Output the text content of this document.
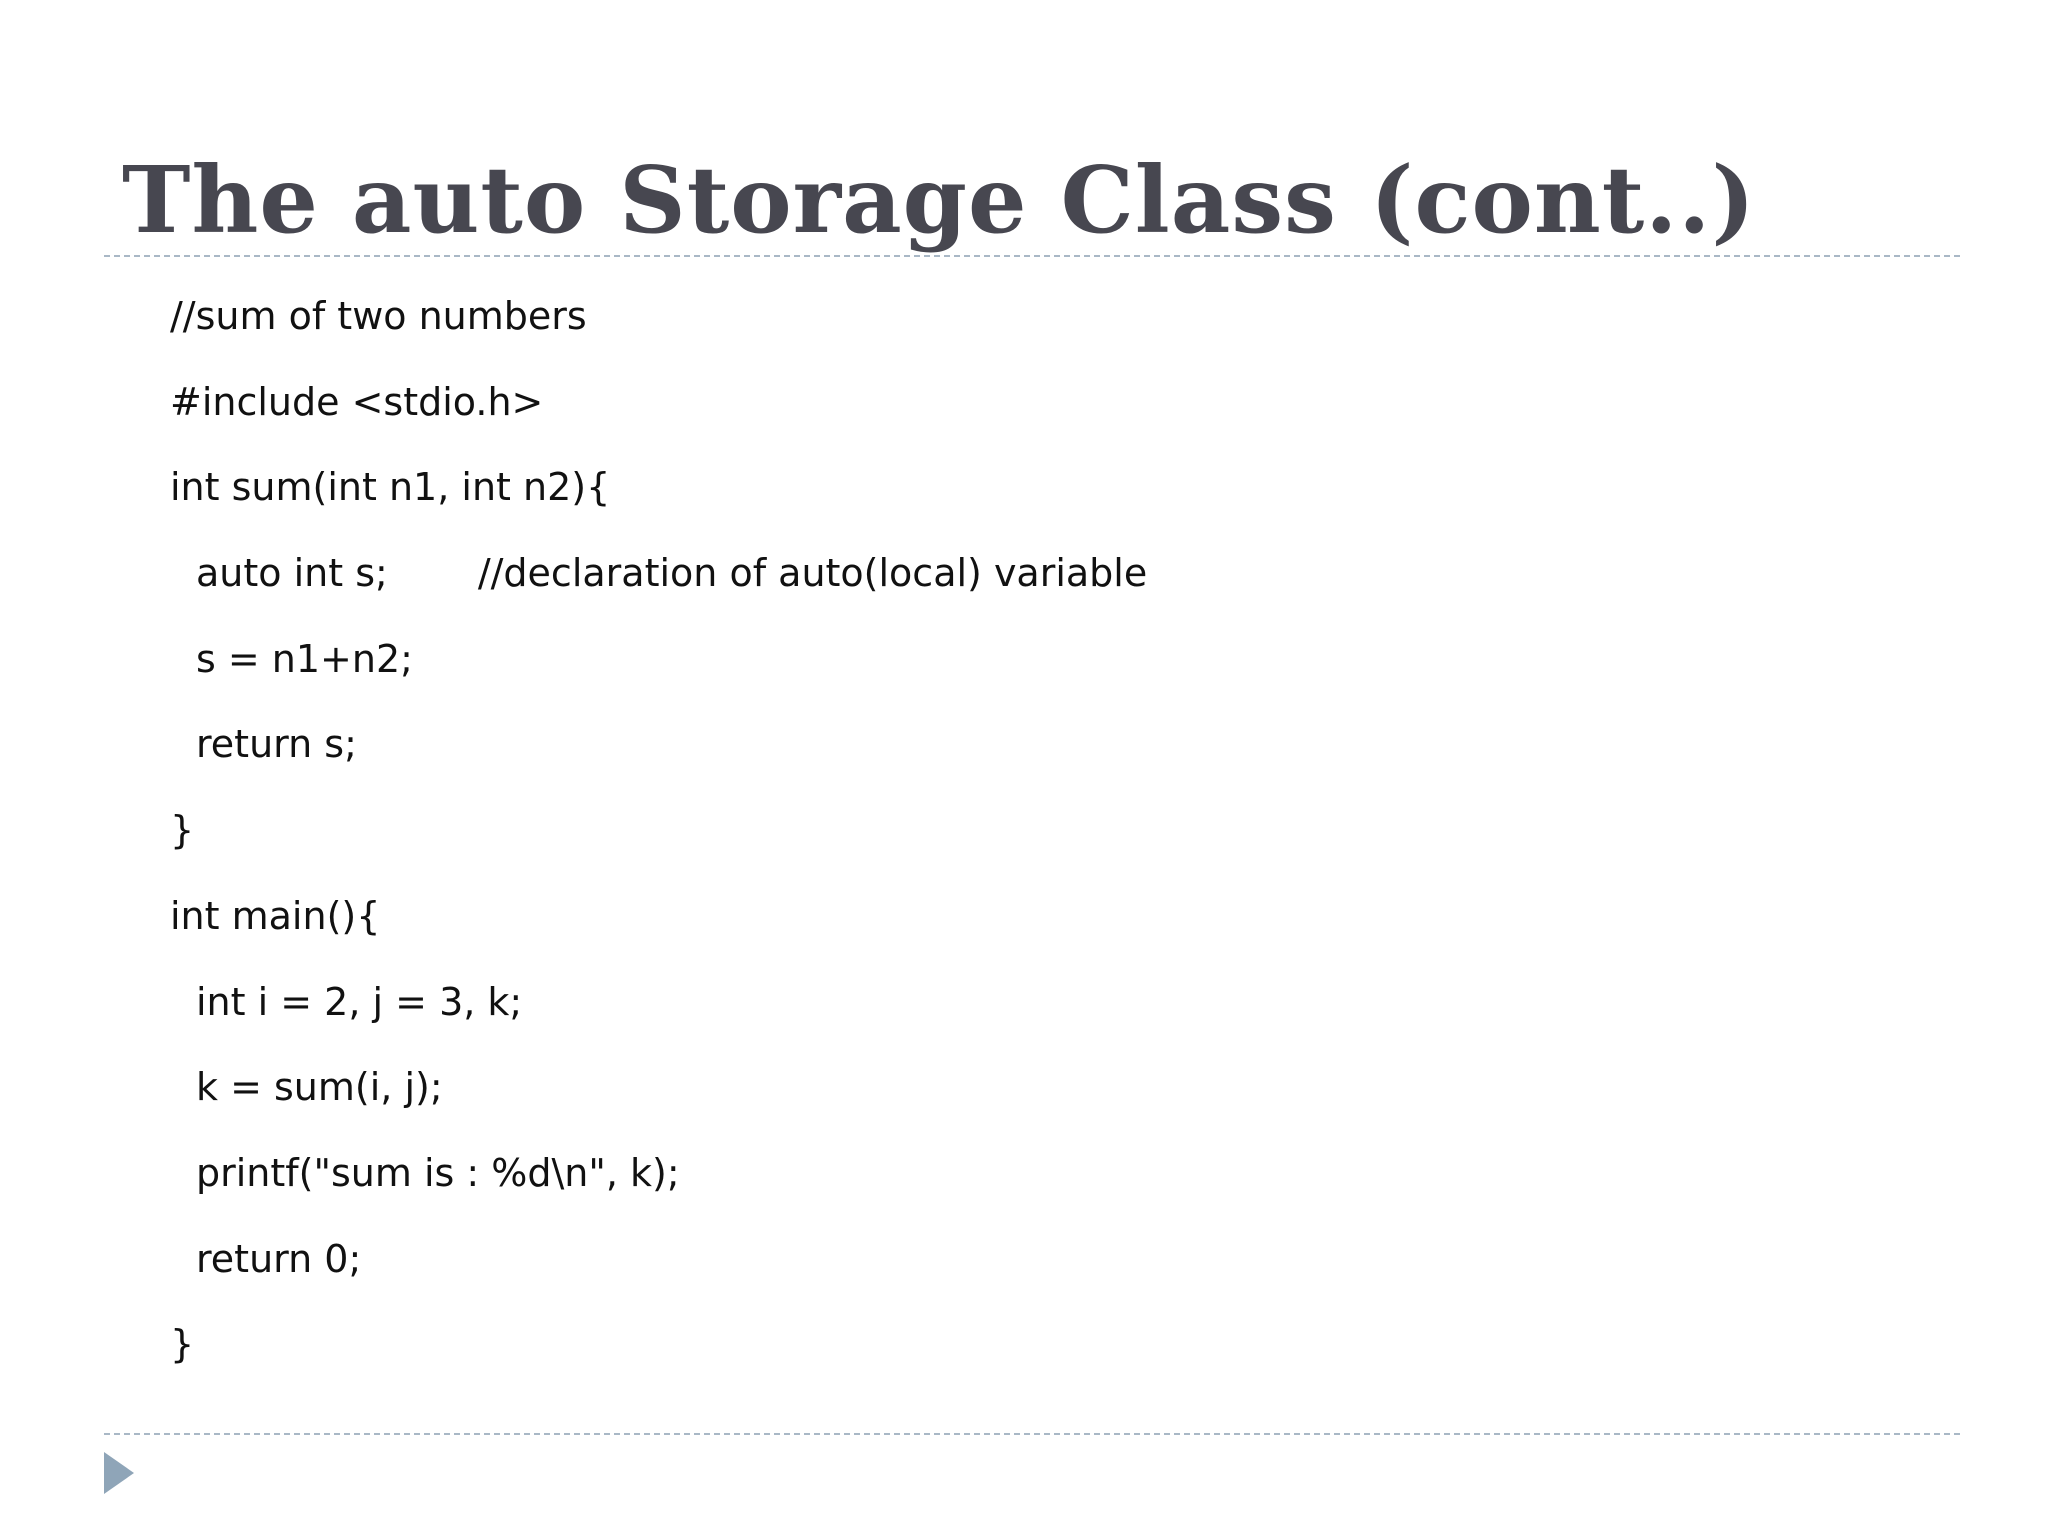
The auto Storage Class (cont..)
//sum of two numbers
#include <stdio.h>
int sum(int n1, int n2){
auto int s; //declaration of auto(local) variable
s = n1+n2;
return s;
}
int main(){
int i = 2, j = 3, k;
k = sum(i, j);
printf("sum is : %d\n", k);
return 0;
}
